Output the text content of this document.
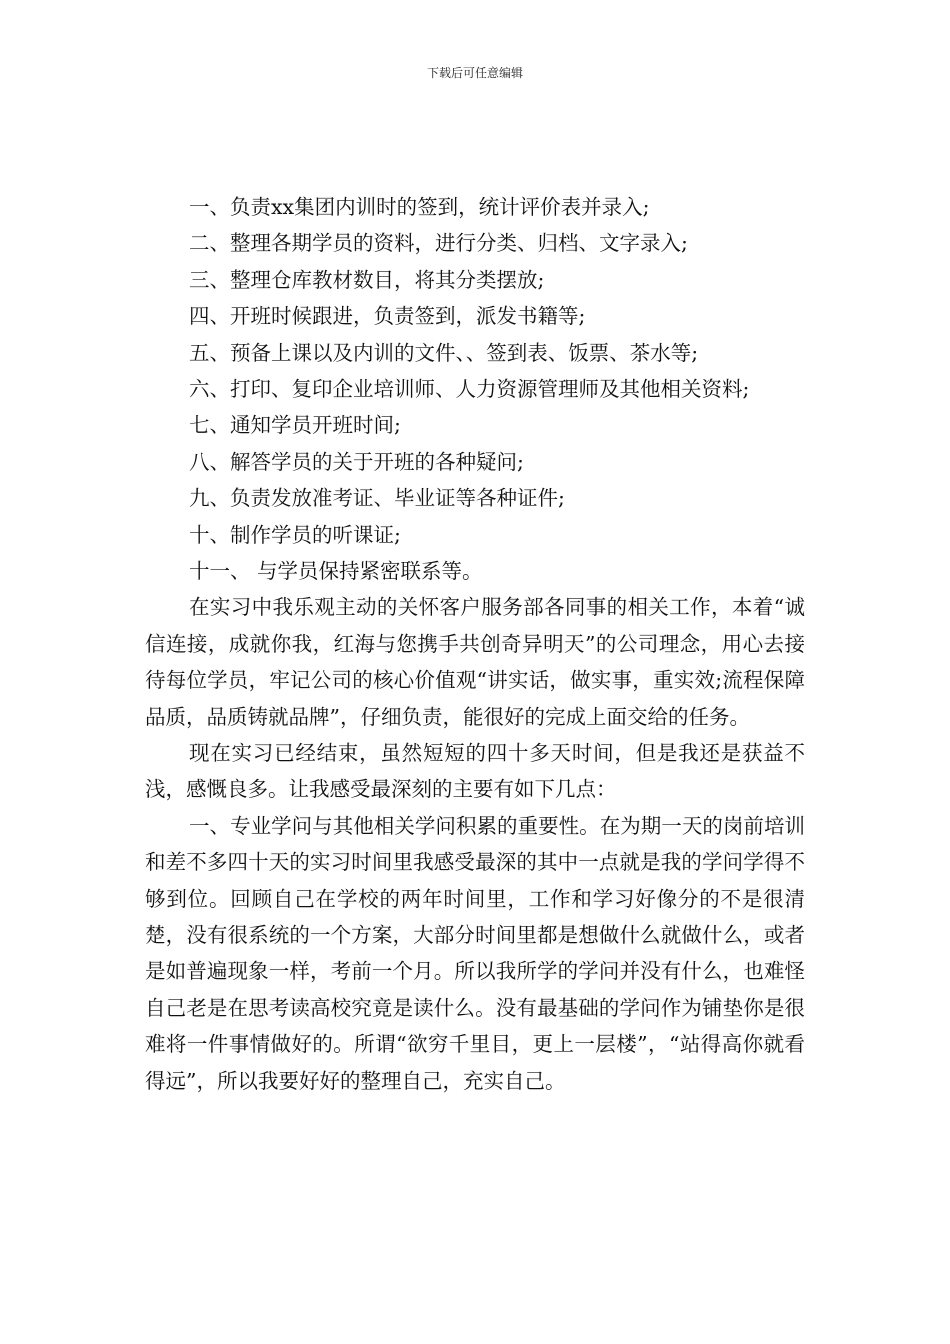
下载后可任意编辑
一、负责xx集团内训时的签到，统计评价表并录入;
二、整理各期学员的资料，进行分类、归档、文字录入;
三、整理仓库教材数目，将其分类摆放;
四、开班时候跟进，负责签到，派发书籍等;
五、预备上课以及内训的文件、、签到表、饭票、茶水等;
六、打印、复印企业培训师、人力资源管理师及其他相关资料;
七、通知学员开班时间;
八、解答学员的关于开班的各种疑问;
九、负责发放准考证、毕业证等各种证件;
十、制作学员的听课证;
十一、 与学员保持紧密联系等。

在实习中我乐观主动的关怀客户服务部各同事的相关工作，本着“诚信连接，成就你我，红海与您携手共创奇异明天”的公司理念，用心去接待每位学员，牢记公司的核心价值观“讲实话，做实事，重实效;流程保障品质，品质铸就品牌”，仔细负责，能很好的完成上面交给的任务。

现在实习已经结束，虽然短短的四十多天时间，但是我还是获益不浅，感慨良多。让我感受最深刻的主要有如下几点：

一、专业学问与其他相关学问积累的重要性。在为期一天的岗前培训和差不多四十天的实习时间里我感受最深的其中一点就是我的学问学得不够到位。回顾自己在学校的两年时间里，工作和学习好像分的不是很清楚，没有很系统的一个方案，大部分时间里都是想做什么就做什么，或者是如普遍现象一样，考前一个月。所以我所学的学问并没有什么，也难怪自己老是在思考读高校究竟是读什么。没有最基础的学问作为铺垫你是很难将一件事情做好的。所谓“欲穷千里目，更上一层楼”，“站得高你就看得远”，所以我要好好的整理自己，充实自己。
